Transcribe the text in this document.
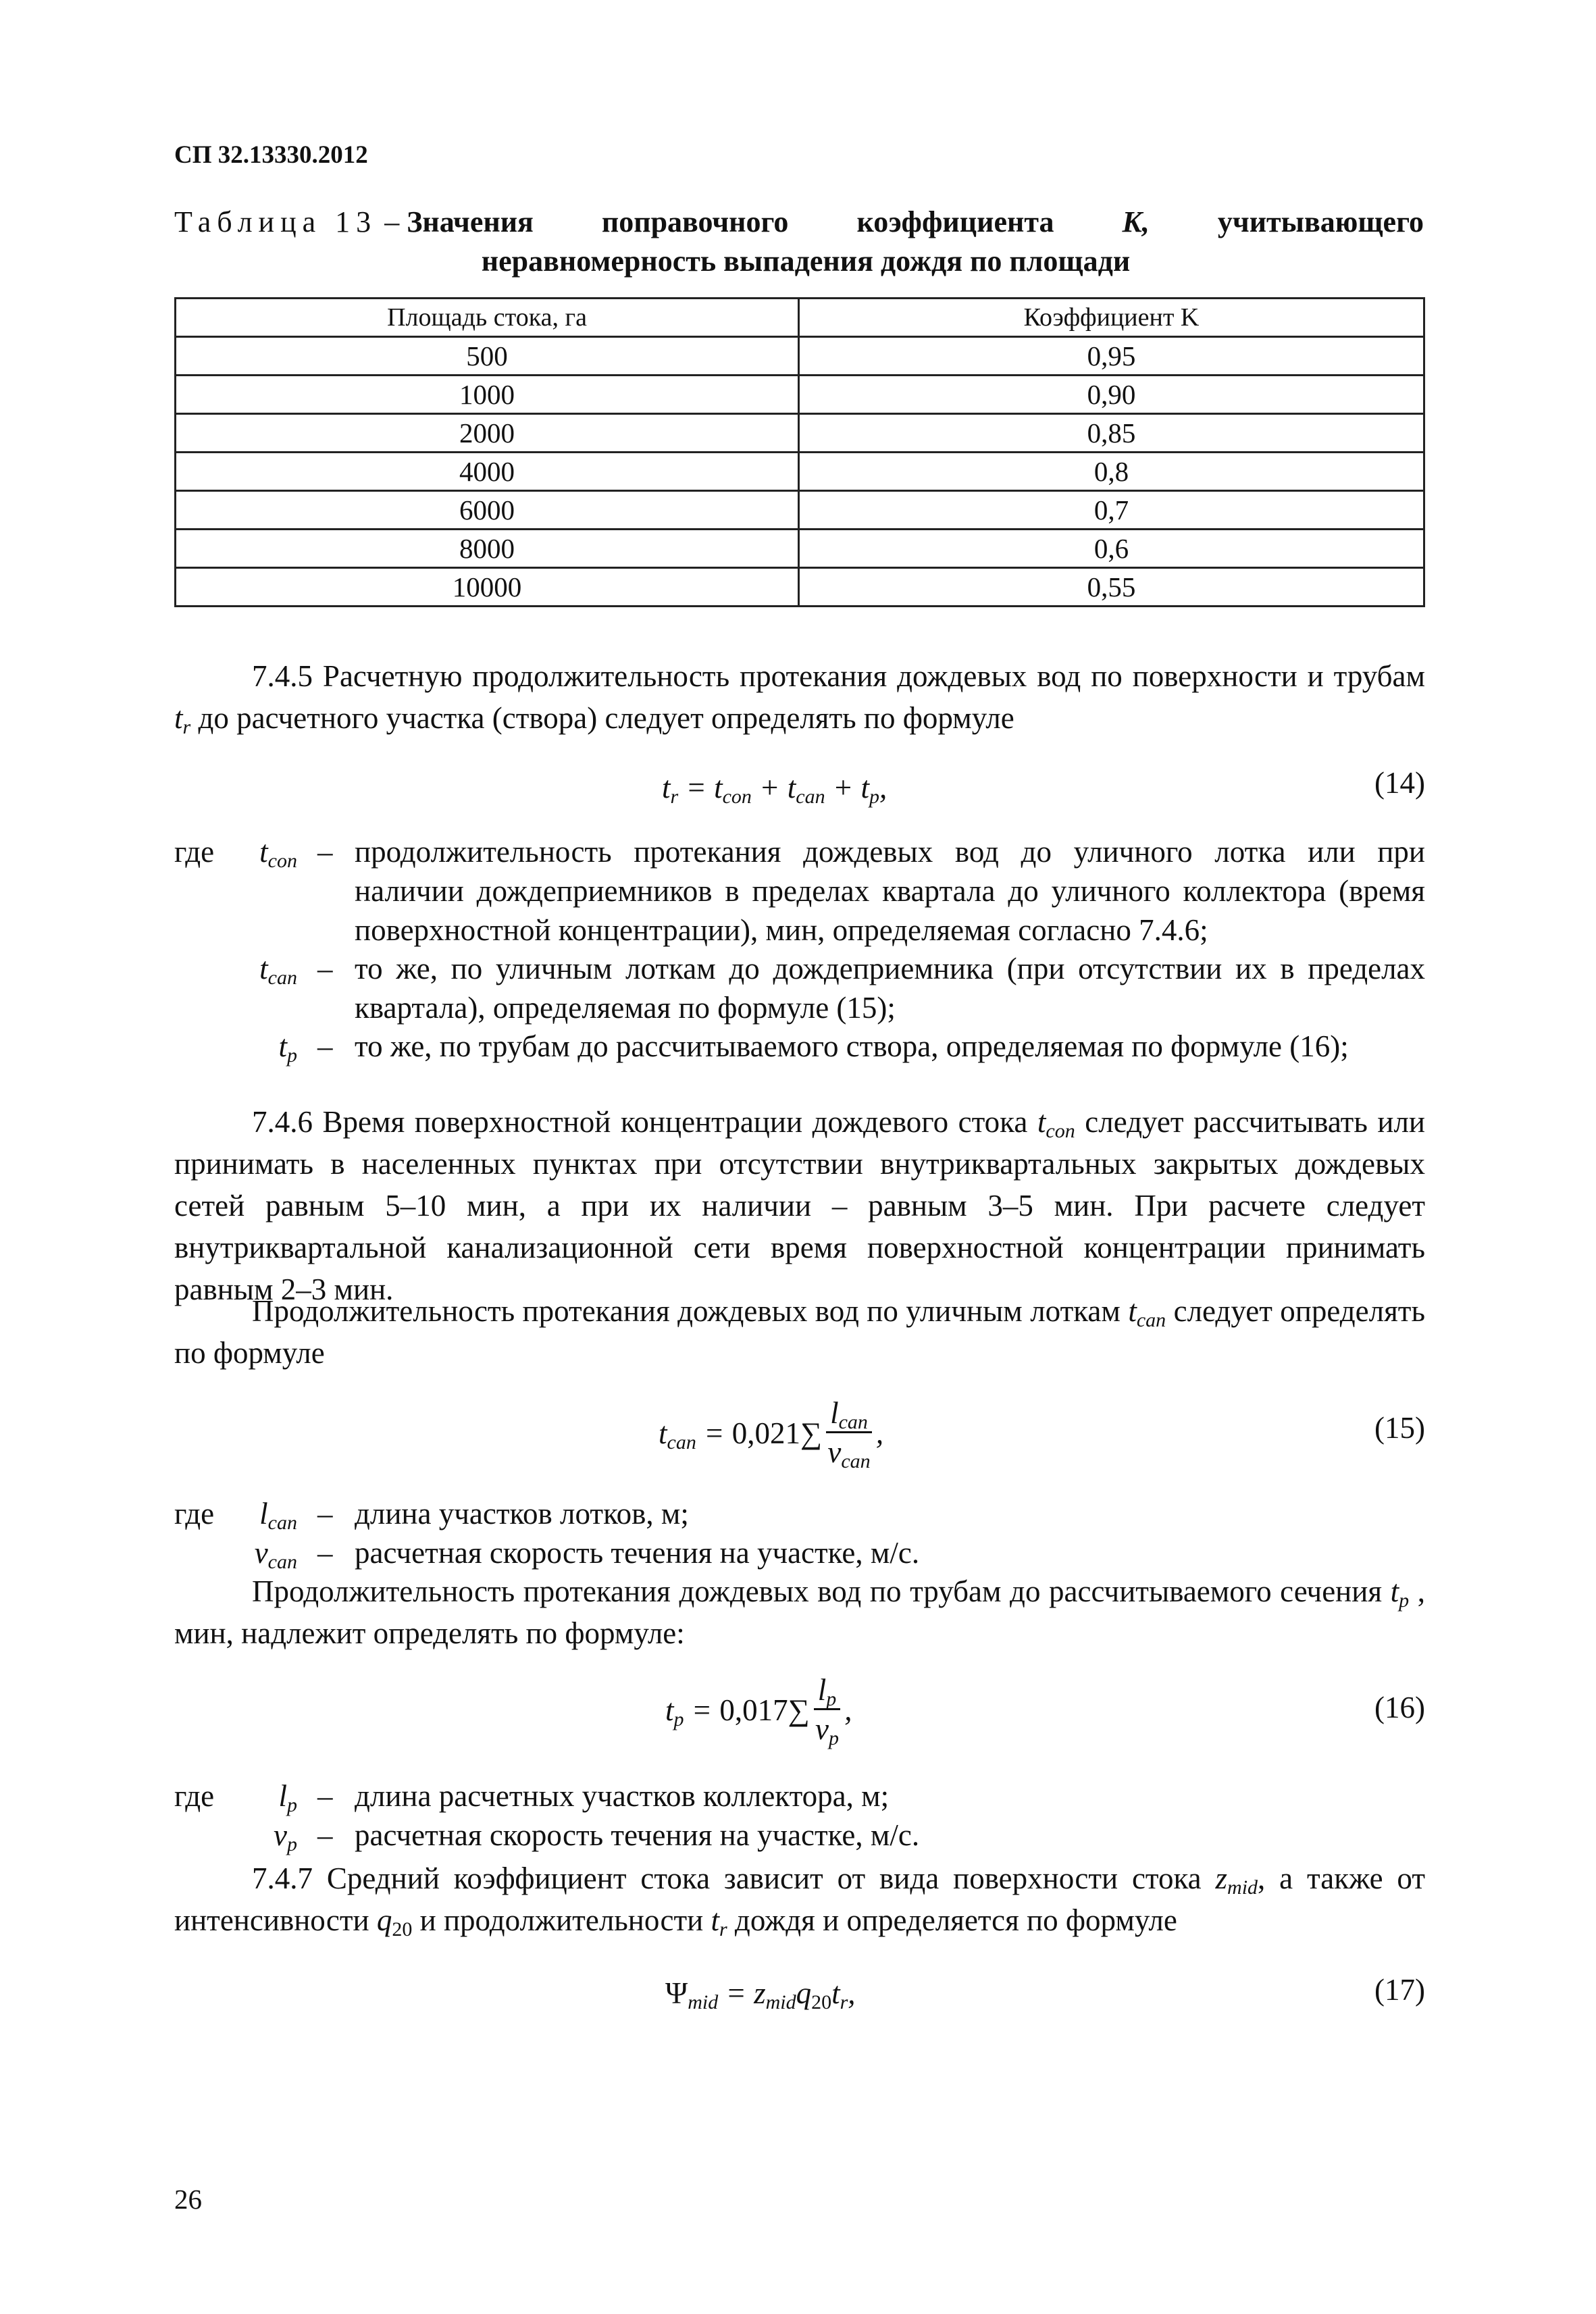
СП 32.13330.2012
Таблица 13 – Значения поправочного коэффициента K, учитывающего
неравномерность выпадения дождя по площади
Площадь стока, га	Коэффициент K
500	0,95
1000	0,90
2000	0,85
4000	0,8
6000	0,7
8000	0,6
10000	0,55
7.4.5 Расчетную продолжительность протекания дождевых вод по поверхности и трубам $t_r$ до расчетного участка (створа) следует определять по формуле
$t_r = t_{con} + t_{can} + t_p$,	(14)
где	$t_{con}$ – продолжительность протекания дождевых вод до уличного лотка или при наличии дождеприемников в пределах квартала до уличного коллектора (время поверхностной концентрации), мин, определяемая согласно 7.4.6;
$t_{can}$ – то же, по уличным лоткам до дождеприемника (при отсутствии их в пределах квартала), определяемая по формуле (15);
$t_p$ – то же, по трубам до рассчитываемого створа, определяемая по формуле (16);
7.4.6 Время поверхностной концентрации дождевого стока $t_{con}$ следует рассчитывать или принимать в населенных пунктах при отсутствии внутриквартальных закрытых дождевых сетей равным 5–10 мин, а при их наличии – равным 3–5 мин. При расчете следует внутриквартальной канализационной сети время поверхностной концентрации принимать равным 2–3 мин.
Продолжительность протекания дождевых вод по уличным лоткам $t_{can}$ следует определять по формуле
$t_{can} = 0,021\sum \frac{l_{can}}{v_{can}}$ ,	(15)
где	$l_{can}$ – длина участков лотков, м;
$v_{can}$ – расчетная скорость течения на участке, м/с.
Продолжительность протекания дождевых вод по трубам до рассчитываемого сечения $t_p$ , мин, надлежит определять по формуле:
$t_p = 0,017\sum \frac{l_p}{v_p}$ ,	(16)
где	$l_p$ – длина расчетных участков коллектора, м;
$v_p$ – расчетная скорость течения на участке, м/с.
7.4.7 Средний коэффициент стока зависит от вида поверхности стока $z_{mid}$, а также от интенсивности $q_{20}$ и продолжительности $t_r$ дождя и определяется по формуле
$\Psi_{mid} = z_{mid}q_{20}t_r$,	(17)
26
